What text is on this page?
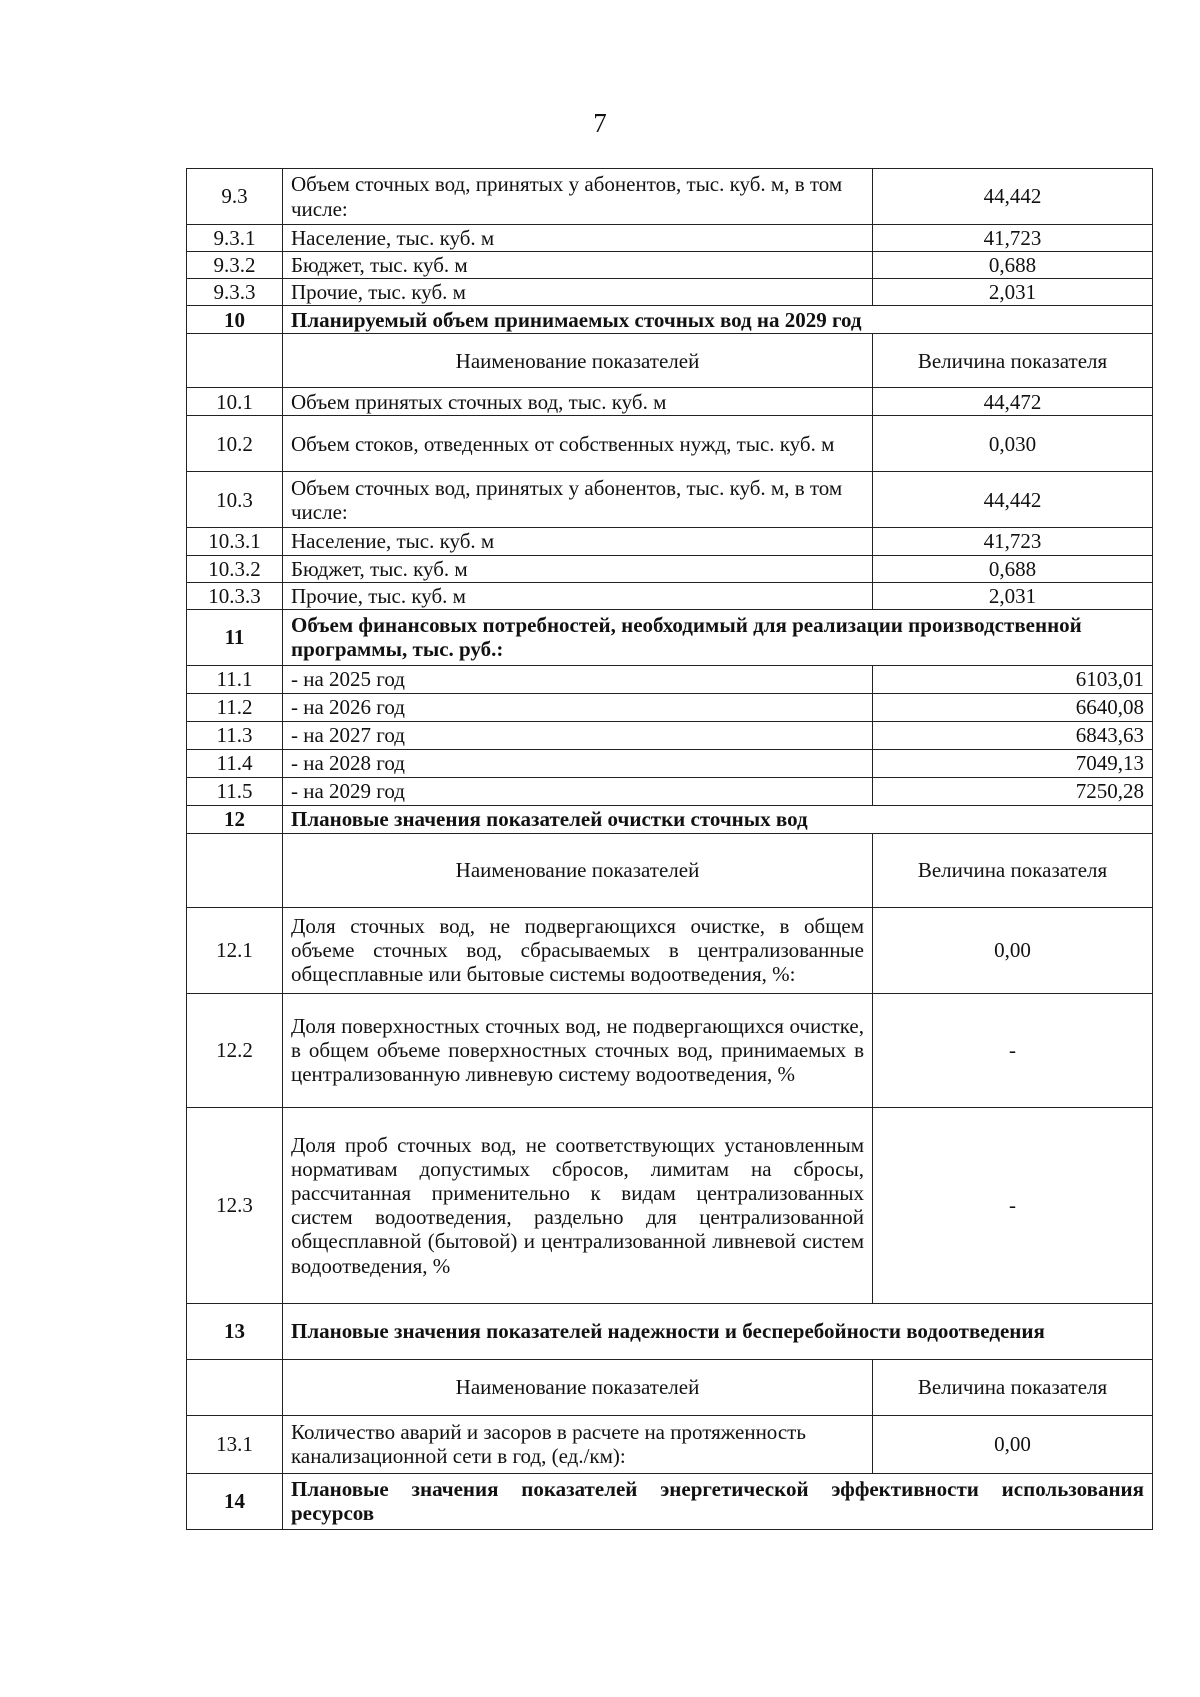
7
9.3	Объем сточных вод, принятых у абонентов, тыс. куб. м, в том числе:	44,442
9.3.1	Население, тыс. куб. м	41,723
9.3.2	Бюджет, тыс. куб. м	0,688
9.3.3	Прочие, тыс. куб. м	2,031
10	Планируемый объем принимаемых сточных вод на 2029 год	
	Наименование показателей	Величина показателя
10.1	Объем принятых сточных вод, тыс. куб. м	44,472
10.2	Объем стоков, отведенных от собственных нужд, тыс. куб. м	0,030
10.3	Объем сточных вод, принятых у абонентов, тыс. куб. м, в том числе:	44,442
10.3.1	Население, тыс. куб. м	41,723
10.3.2	Бюджет, тыс. куб. м	0,688
10.3.3	Прочие, тыс. куб. м	2,031
11	Объем финансовых потребностей, необходимый для реализации производственной программы, тыс. руб.:	
11.1	- на 2025 год	6103,01
11.2	- на 2026 год	6640,08
11.3	- на 2027 год	6843,63
11.4	- на 2028 год	7049,13
11.5	- на 2029 год	7250,28
12	Плановые значения показателей очистки сточных вод	
	Наименование показателей	Величина показателя
12.1	Доля сточных вод, не подвергающихся очистке, в общем объеме сточных вод, сбрасываемых в централизованные общесплавные или бытовые системы водоотведения, %:	0,00
12.2	Доля поверхностных сточных вод, не подвергающихся очистке, в общем объеме поверхностных сточных вод, принимаемых в централизованную ливневую систему водоотведения, %	-
12.3	Доля проб сточных вод, не соответствующих установленным нормативам допустимых сбросов, лимитам на сбросы, рассчитанная применительно к видам централизованных систем водоотведения, раздельно для централизованной общесплавной (бытовой) и централизованной ливневой систем водоотведения, %	-
13	Плановые значения показателей надежности и бесперебойности водоотведения	
	Наименование показателей	Величина показателя
13.1	Количество аварий и засоров в расчете на протяженность канализационной сети в год, (ед./км):	0,00
14	Плановые значения показателей энергетической эффективности использования ресурсов	
